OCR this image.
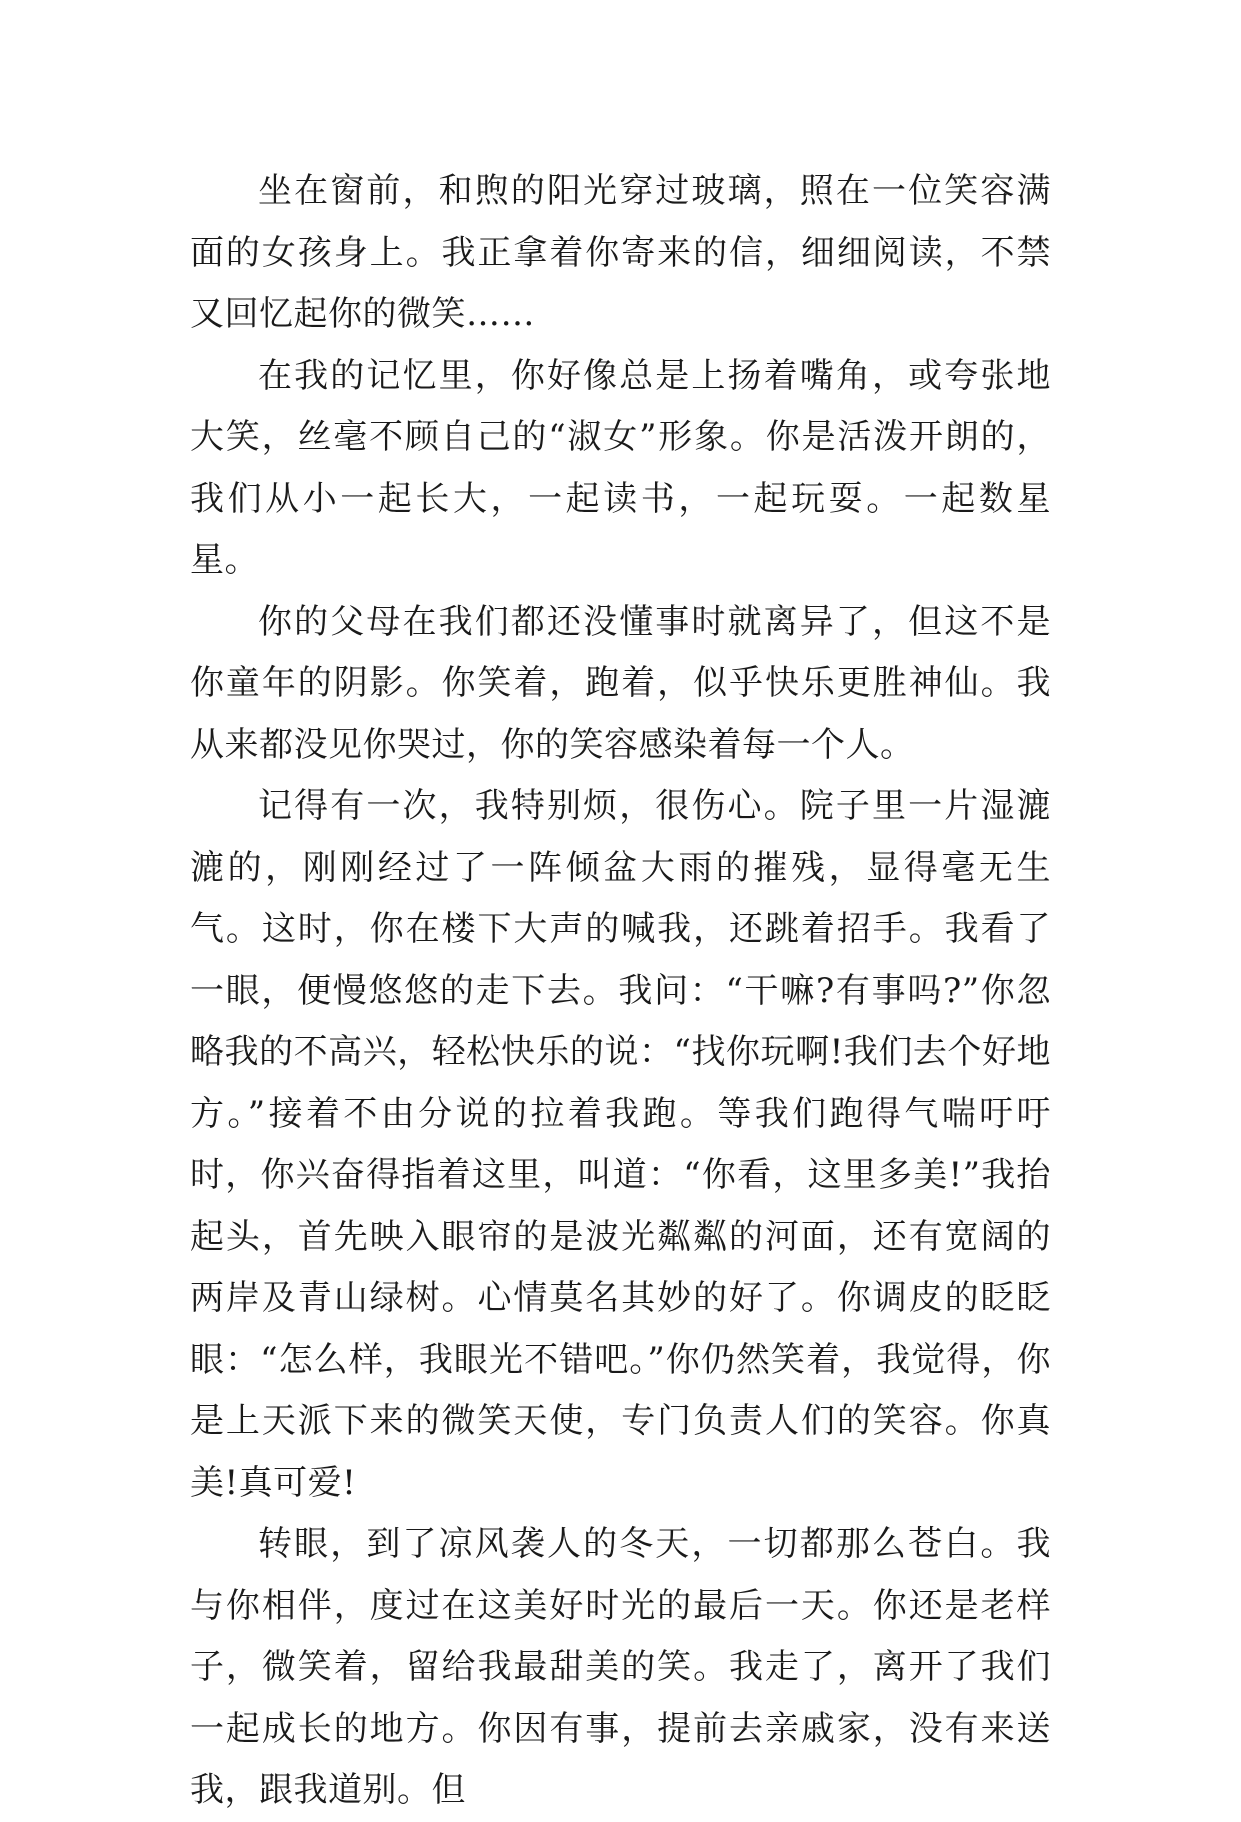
坐在窗前，和煦的阳光穿过玻璃，照在一位笑容满面的女孩身上。我正拿着你寄来的信，细细阅读，不禁又回忆起你的微笑……

在我的记忆里，你好像总是上扬着嘴角，或夸张地大笑，丝毫不顾自己的“淑女”形象。你是活泼开朗的，我们从小一起长大，一起读书，一起玩耍。一起数星星。

你的父母在我们都还没懂事时就离异了，但这不是你童年的阴影。你笑着，跑着，似乎快乐更胜神仙。我从来都没见你哭过，你的笑容感染着每一个人。

记得有一次，我特别烦，很伤心。院子里一片湿漉漉的，刚刚经过了一阵倾盆大雨的摧残，显得毫无生气。这时，你在楼下大声的喊我，还跳着招手。我看了一眼，便慢悠悠的走下去。我问：“干嘛?有事吗?”你忽略我的不高兴，轻松快乐的说：“找你玩啊!我们去个好地方。”接着不由分说的拉着我跑。等我们跑得气喘吁吁时，你兴奋得指着这里，叫道：“你看，这里多美!”我抬起头，首先映入眼帘的是波光粼粼的河面，还有宽阔的两岸及青山绿树。心情莫名其妙的好了。你调皮的眨眨眼：“怎么样，我眼光不错吧。”你仍然笑着，我觉得，你是上天派下来的微笑天使，专门负责人们的笑容。你真美!真可爱!

转眼，到了凉风袭人的冬天，一切都那么苍白。我与你相伴，度过在这美好时光的最后一天。你还是老样子，微笑着，留给我最甜美的笑。我走了，离开了我们一起成长的地方。你因有事，提前去亲戚家，没有来送我，跟我道别。但
